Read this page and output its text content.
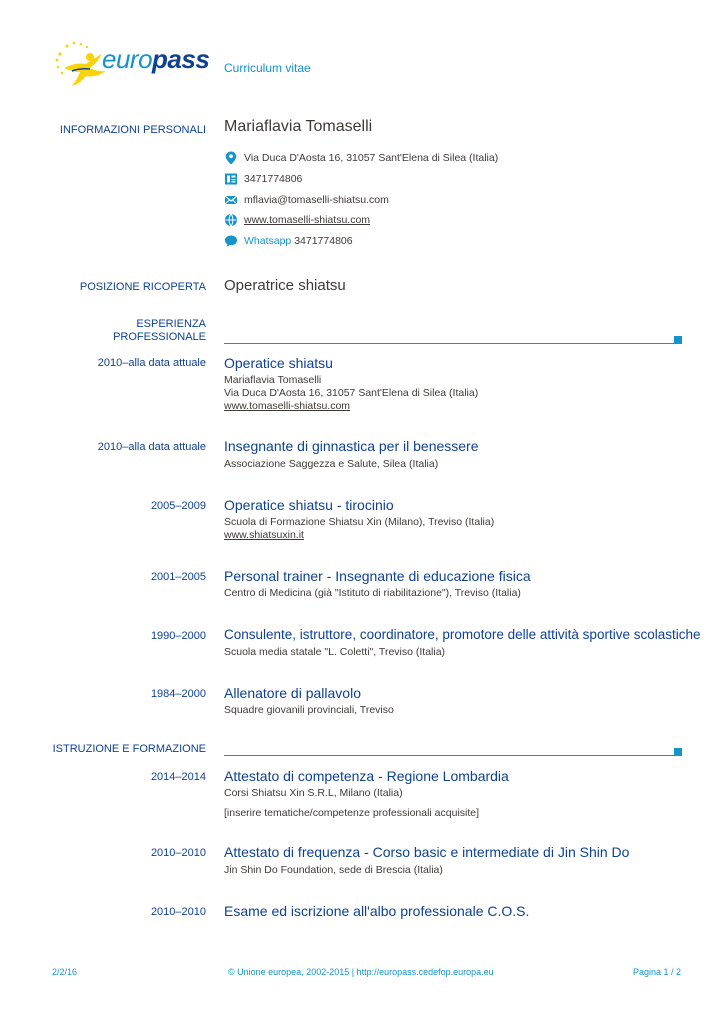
europass Curriculum vitae
INFORMAZIONI PERSONALI Mariaflavia Tomaselli
Via Duca D'Aosta 16, 31057 Sant'Elena di Silea (Italia)
3471774806
mflavia@tomaselli-shiatsu.com
www.tomaselli-shiatsu.com
Whatsapp 3471774806
POSIZIONE RICOPERTA Operatrice shiatsu
ESPERIENZA
PROFESSIONALE
2010–alla data attuale Operatice shiatsu
Mariaflavia Tomaselli
Via Duca D'Aosta 16, 31057 Sant'Elena di Silea (Italia)
www.tomaselli-shiatsu.com
2010–alla data attuale Insegnante di ginnastica per il benessere
Associazione Saggezza e Salute, Silea (Italia)
2005–2009 Operatice shiatsu - tirocinio
Scuola di Formazione Shiatsu Xin (Milano), Treviso (Italia)
www.shiatsuxin.it
2001–2005 Personal trainer - Insegnante di educazione fisica
Centro di Medicina (già "Istituto di riabilitazione"), Treviso (Italia)
1990–2000 Consulente, istruttore, coordinatore, promotore delle attività sportive scolastiche
Scuola media statale "L. Coletti", Treviso (Italia)
1984–2000 Allenatore di pallavolo
Squadre giovanili provinciali, Treviso
ISTRUZIONE E FORMAZIONE
2014–2014 Attestato di competenza - Regione Lombardia
Corsi Shiatsu Xin S.R.L, Milano (Italia)
[inserire tematiche/competenze professionali acquisite]
2010–2010 Attestato di frequenza - Corso basic e intermediate di Jin Shin Do
Jin Shin Do Foundation, sede di Brescia (Italia)
2010–2010 Esame ed iscrizione all'albo professionale C.O.S.
2/2/16	© Unione europea, 2002-2015 | http://europass.cedefop.europa.eu	Pagina 1 / 2
